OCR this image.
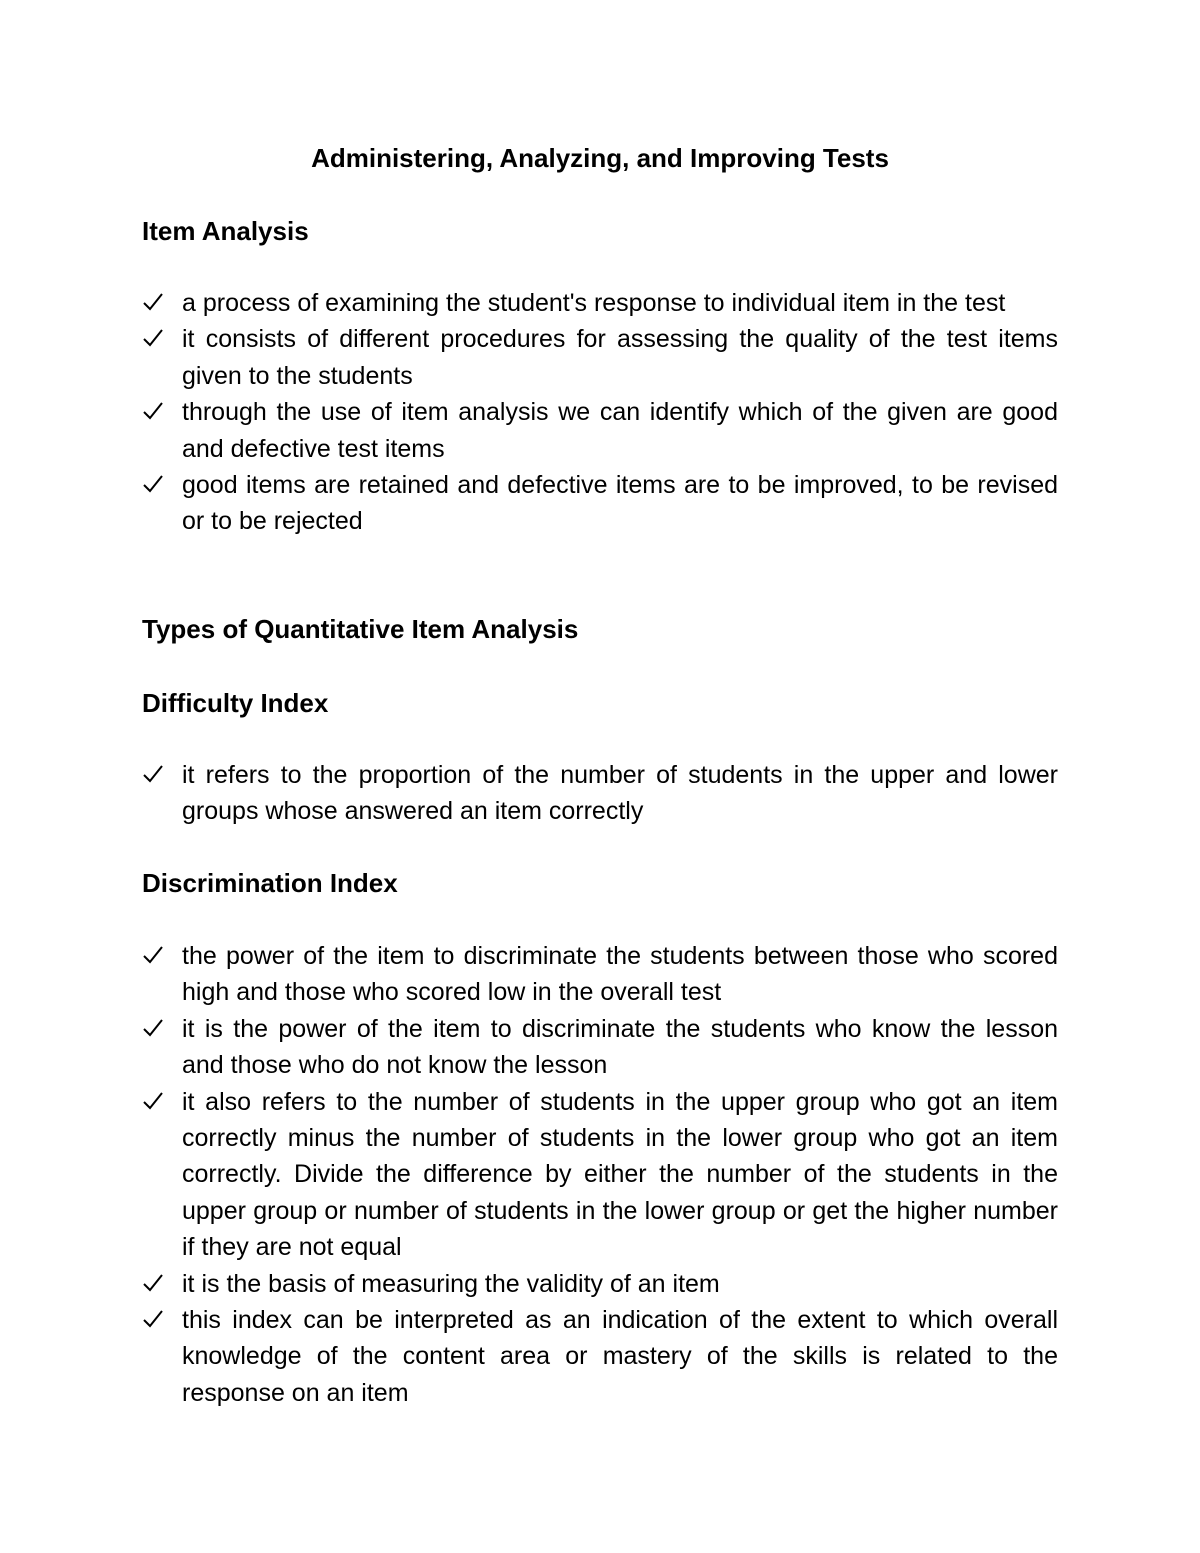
Administering, Analyzing, and Improving Tests
Item Analysis
a process of examining the student's response to individual item in the test
it consists of different procedures for assessing the quality of the test items given to the students
through the use of item analysis we can identify which of the given are good and defective test items
good items are retained and defective items are to be improved, to be revised or to be rejected
Types of Quantitative Item Analysis
Difficulty Index
it refers to the proportion of the number of students in the upper and lower groups whose answered an item correctly
Discrimination Index
the power of the item to discriminate the students between those who scored high and those who scored low in the overall test
it is the power of the item to discriminate the students who know the lesson and those who do not know the lesson
it also refers to the number of students in the upper group who got an item correctly minus the number of students in the lower group who got an item correctly. Divide the difference by either the number of the students in the upper group or number of students in the lower group or get the higher number if they are not equal
it is the basis of measuring the validity of an item
this index can be interpreted as an indication of the extent to which overall knowledge of the content area or mastery of the skills is related to the response on an item
